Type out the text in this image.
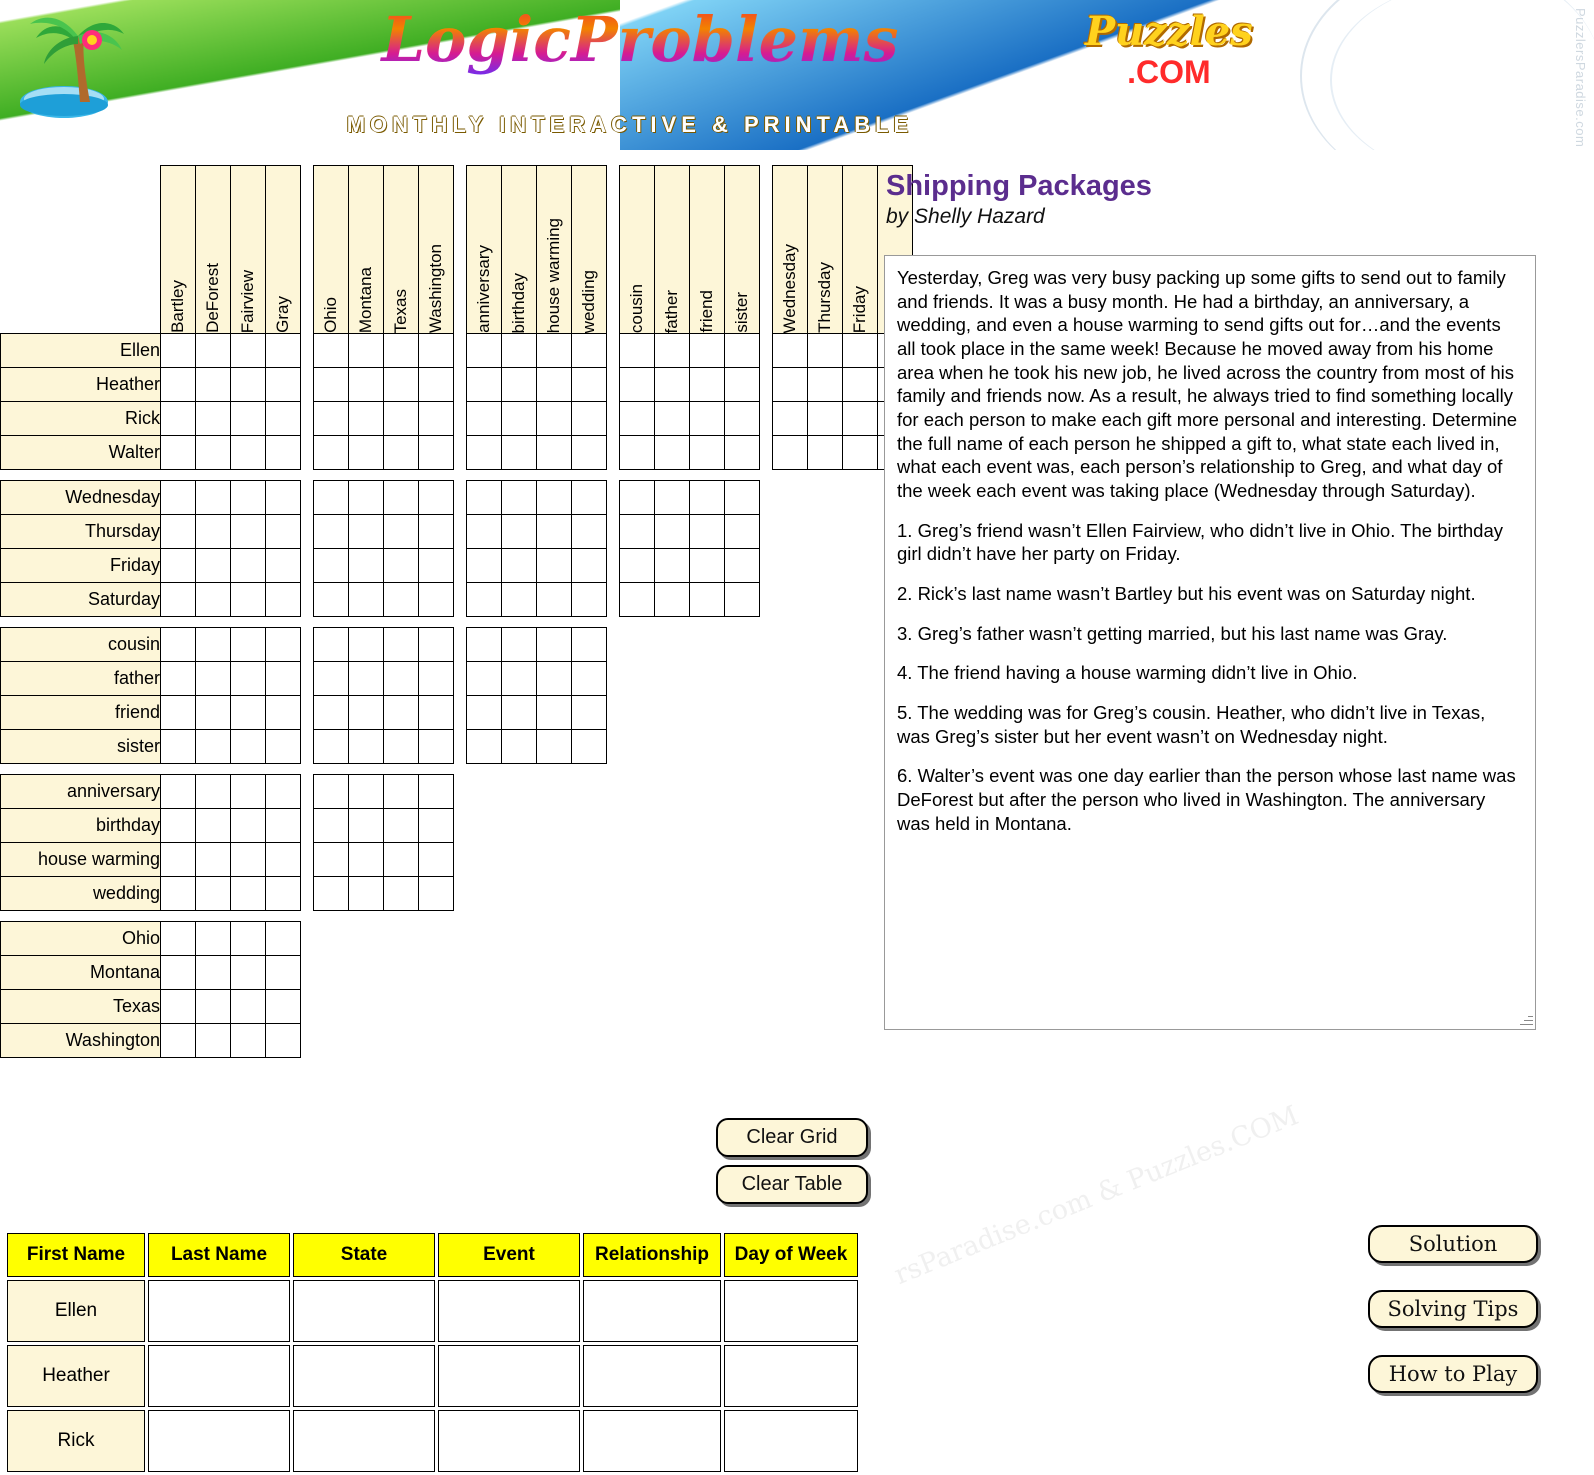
PuzzlersParadise.com
LogicProblems
MONTHLY INTERACTIVE & PRINTABLE
Puzzles
.COM

	Bartley	DeForest	Fairview	Gray		Ohio	Montana	Texas	Washington		anniversary	birthday	house warming	wedding		cousin	father	friend	sister		Wednesday	Thursday	Friday

Ellen																								
Heather																								
Rick																								
Walter																								

Wednesday																								
Thursday																								
Friday																								
Saturday																								

cousin																								
father																								
friend																								
sister																								

anniversary																								
birthday																								
house warming																								
wedding																								

Ohio																								
Montana																								
Texas																								
Washington																								
Clear Grid
Clear Table
Solution
Solving Tips
How to Play
Shipping Packages
by Shelly Hazard

Yesterday, Greg was very busy packing up some gifts to send out to family and friends. It was a busy month. He had a birthday, an anniversary, a wedding, and even a house warming to send gifts out for…and the events all took place in the same week! Because he moved away from his home area when he took his new job, he lived across the country from most of his family and friends now. As a result, he always tried to find something locally for each person to make each gift more personal and interesting. Determine the full name of each person he shipped a gift to, what state each lived in, what each event was, each person’s relationship to Greg, and what day of the week each event was taking place (Wednesday through Saturday).

1. Greg’s friend wasn’t Ellen Fairview, who didn’t live in Ohio. The birthday girl didn’t have her party on Friday.

2. Rick’s last name wasn’t Bartley but his event was on Saturday night.

3. Greg’s father wasn’t getting married, but his last name was Gray.

4. The friend having a house warming didn’t live in Ohio.

5. The wedding was for Greg’s cousin. Heather, who didn’t live in Texas, was Greg’s sister but her event wasn’t on Wednesday night.

6. Walter’s event was one day earlier than the person whose last name was DeForest but after the person who lived in Washington. The anniversary was held in Montana.

rsParadise.com & Puzzles.COM
First Name	Last Name	State	Event	Relationship	Day of Week
Ellen					
Heather					
Rick					
